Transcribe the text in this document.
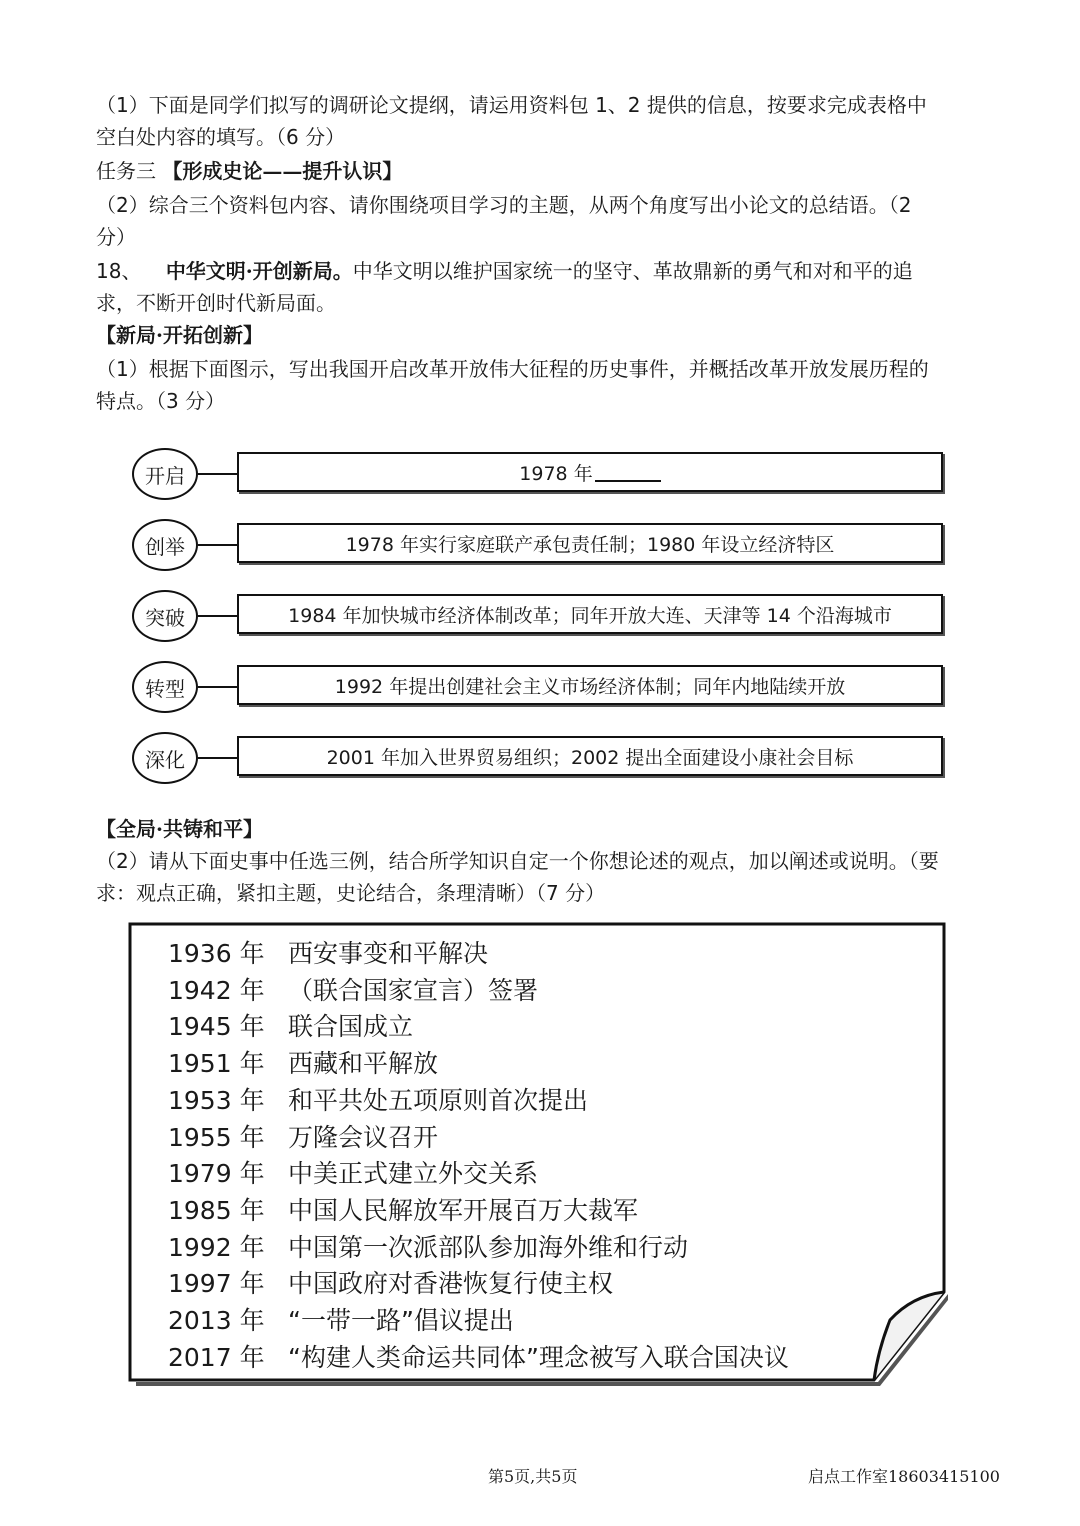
（1）下面是同学们拟写的调研论文提纲，请运用资料包 1、2 提供的信息，按要求完成表格中
空白处内容的填写。（6 分）
任务三 【形成史论——提升认识】
（2）综合三个资料包内容、请你围绕项目学习的主题，从两个角度写出小论文的总结语。（2
分）
18、 中华文明·开创新局。中华文明以维护国家统一的坚守、革故鼎新的勇气和对和平的追
求，不断开创时代新局面。
【新局·开拓创新】
（1）根据下面图示，写出我国开启改革开放伟大征程的历史事件，并概括改革开放发展历程的
特点。（3 分）
开启	1978 年
创举	1978 年实行家庭联产承包责任制；1980 年设立经济特区
突破	1984 年加快城市经济体制改革；同年开放大连、天津等 14 个沿海城市
转型	1992 年提出创建社会主义市场经济体制；同年内地陆续开放
深化	2001 年加入世界贸易组织；2002 提出全面建设小康社会目标
【全局·共铸和平】
（2）请从下面史事中任选三例，结合所学知识自定一个你想论述的观点，加以阐述或说明。（要
求：观点正确，紧扣主题，史论结合，条理清晰）（7 分）
1936 年 西安事变和平解决
1942 年 （联合国家宣言）签署
1945 年 联合国成立
1951 年 西藏和平解放
1953 年 和平共处五项原则首次提出
1955 年 万隆会议召开
1979 年 中美正式建立外交关系
1985 年 中国人民解放军开展百万大裁军
1992 年 中国第一次派部队参加海外维和行动
1997 年 中国政府对香港恢复行使主权
2013 年 “一带一路”倡议提出
2017 年 “构建人类命运共同体”理念被写入联合国决议
第5页,共5页	启点工作室18603415100
